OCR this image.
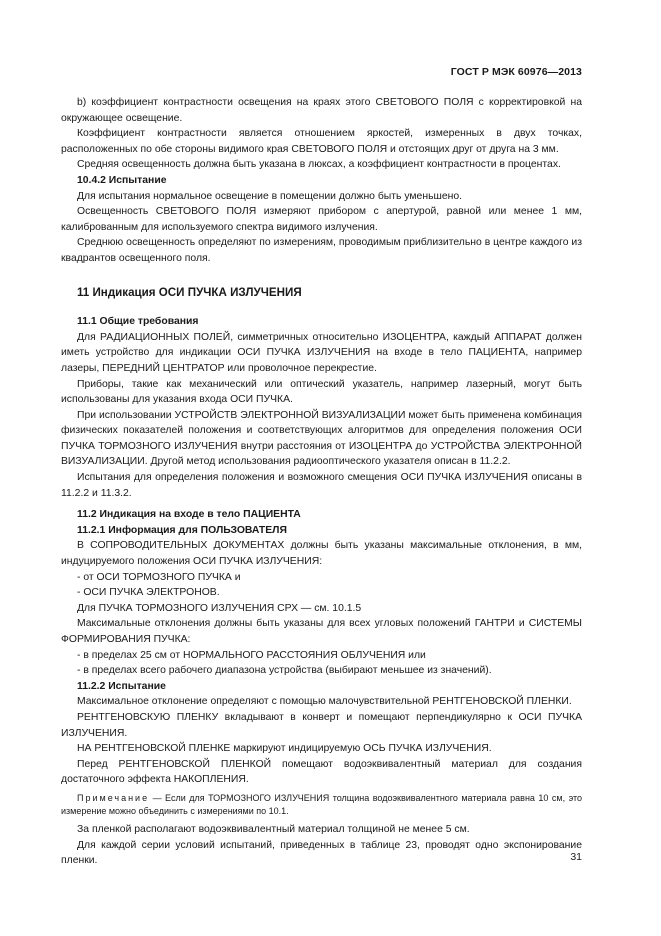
ГОСТ Р МЭК 60976—2013

b) коэффициент контрастности освещения на краях этого СВЕТОВОГО ПОЛЯ с корректировкой на окружающее освещение.

Коэффициент контрастности является отношением яркостей, измеренных в двух точках, расположенных по обе стороны видимого края СВЕТОВОГО ПОЛЯ и отстоящих друг от друга на 3 мм.

Средняя освещенность должна быть указана в люксах, а коэффициент контрастности в процентах.

10.4.2 Испытание

Для испытания нормальное освещение в помещении должно быть уменьшено.

Освещенность СВЕТОВОГО ПОЛЯ измеряют прибором с апертурой, равной или менее 1 мм, калиброванным для используемого спектра видимого излучения.

Среднюю освещенность определяют по измерениям, проводимым приблизительно в центре каждого из квадрантов освещенного поля.

11 Индикация ОСИ ПУЧКА ИЗЛУЧЕНИЯ
11.1 Общие требования

Для РАДИАЦИОННЫХ ПОЛЕЙ, симметричных относительно ИЗОЦЕНТРА, каждый АППАРАТ должен иметь устройство для индикации ОСИ ПУЧКА ИЗЛУЧЕНИЯ на входе в тело ПАЦИЕНТА, например лазеры, ПЕРЕДНИЙ ЦЕНТРАТОР или проволочное перекрестие.

Приборы, такие как механический или оптический указатель, например лазерный, могут быть использованы для указания входа ОСИ ПУЧКА.

При использовании УСТРОЙСТВ ЭЛЕКТРОННОЙ ВИЗУАЛИЗАЦИИ может быть применена комбинация физических показателей положения и соответствующих алгоритмов для определения положения ОСИ ПУЧКА ТОРМОЗНОГО ИЗЛУЧЕНИЯ внутри расстояния от ИЗОЦЕНТРА до УСТРОЙСТВА ЭЛЕКТРОННОЙ ВИЗУАЛИЗАЦИИ. Другой метод использования радиооптического указателя описан в 11.2.2.

Испытания для определения положения и возможного смещения ОСИ ПУЧКА ИЗЛУЧЕНИЯ описаны в 11.2.2 и 11.3.2.

11.2 Индикация на входе в тело ПАЦИЕНТА
11.2.1 Информация для ПОЛЬЗОВАТЕЛЯ

В СОПРОВОДИТЕЛЬНЫХ ДОКУМЕНТАХ должны быть указаны максимальные отклонения, в мм, индуцируемого положения ОСИ ПУЧКА ИЗЛУЧЕНИЯ:

- от ОСИ ТОРМОЗНОГО ПУЧКА и
- ОСИ ПУЧКА ЭЛЕКТРОНОВ.

Для ПУЧКА ТОРМОЗНОГО ИЗЛУЧЕНИЯ СРХ — см. 10.1.5

Максимальные отклонения должны быть указаны для всех угловых положений ГАНТРИ и СИСТЕМЫ ФОРМИРОВАНИЯ ПУЧКА:

- в пределах 25 см от НОРМАЛЬНОГО РАССТОЯНИЯ ОБЛУЧЕНИЯ или
- в пределах всего рабочего диапазона устройства (выбирают меньшее из значений).
11.2.2 Испытание

Максимальное отклонение определяют с помощью малочувствительной РЕНТГЕНОВСКОЙ ПЛЕНКИ.

РЕНТГЕНОВСКУЮ ПЛЕНКУ вкладывают в конверт и помещают перпендикулярно к ОСИ ПУЧКА ИЗЛУЧЕНИЯ.

НА РЕНТГЕНОВСКОЙ ПЛЕНКЕ маркируют индицируемую ОСЬ ПУЧКА ИЗЛУЧЕНИЯ.

Перед РЕНТГЕНОВСКОЙ ПЛЕНКОЙ помещают водоэквивалентный материал для создания достаточного эффекта НАКОПЛЕНИЯ.

Примечание — Если для ТОРМОЗНОГО ИЗЛУЧЕНИЯ толщина водоэквивалентного материала равна 10 см, это измерение можно объединить с измерениями по 10.1.

За пленкой располагают водоэквивалентный материал толщиной не менее 5 см.

Для каждой серии условий испытаний, приведенных в таблице 23, проводят одно экспонирование пленки.	31
